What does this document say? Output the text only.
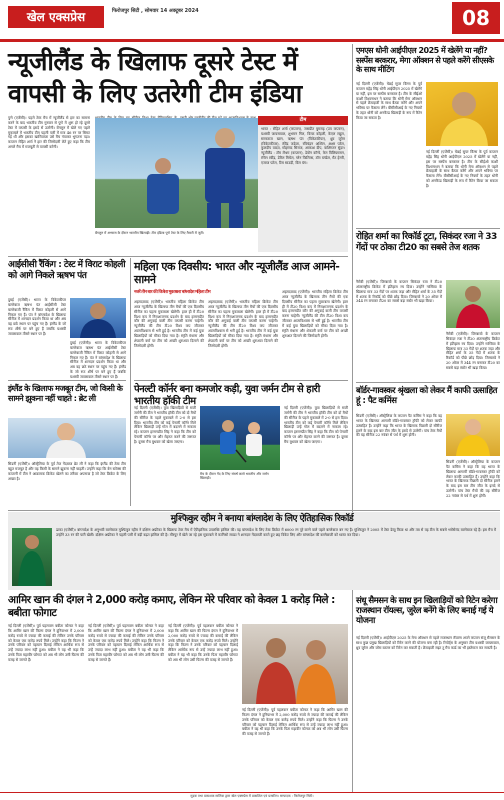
खेल एक्सप्रेस	फिरोजपुर सिटी , सोमवार 14 अक्टूबर 2024	08
न्यूजीलैंड के खिलाफ दूसरे टेस्ट में
वापसी के लिए उतरेगी टीम इंडिया
पुणे (एजेंसी)। पहले टेस्ट मैच में न्यूजीलैंड से हार का सामना करने के बाद भारतीय टीम गुरुवार से पुणे में शुरू हो रहे दूसरे टेस्ट में वापसी के इरादे से उतरेगी। बेंगलुरु में खेले गए पहले मुकाबले में भारतीय टीम पहली पारी में मात्र 46 रन पर सिमट गई थी और इसका खामियाजा उसे मैच गंवाकर भुगतना पड़ा। कप्तान रोहित शर्मा ने हार की जिम्मेदारी लेते हुए कहा कि टीम अगले मैच में मजबूती से वापसी करेगी।
बेंगलुरु में अभ्यास के दौरान भारतीय खिलाड़ी। टीम इंडिया पुणे टेस्ट के लिए तैयारी में जुटी।
टीम
भारत : रोहित शर्मा (कप्तान), जसप्रीत बुमराह (उप कप्तान), यशस्वी जायसवाल, शुभमन गिल, विराट कोहली, केएल राहुल, सरफराज खान, ऋषभ पंत (विकेटकीपर), ध्रुव जुरेल (विकेटकीपर), रविंद्र जडेजा, रविचंद्रन अश्विन, अक्षर पटेल, कुलदीप यादव, मोहम्मद सिराज, आकाश दीप, वाशिंगटन सुंदर। न्यूजीलैंड : टॉम लैथम (कप्तान), डेवोन कॉन्वे, केन विलियमसन, रचिन रवींद्र, डेरिल मिचेल, ग्लेन फिलिप्स, टॉम ब्लंडेल, मैट हेनरी, एजाज पटेल, टिम साउदी, विल यंग।
एमएस धोनी आईपीएल 2025 में खेलेंगे या नहीं? सस्पेंस बरकरार, मेगा ऑक्शन से पहले करेंगे सीएसके के साथ मीटिंग
नई दिल्ली (एजेंसी)। चेन्नई सुपर किंग्स के पूर्व कप्तान महेंद्र सिंह धोनी आईपीएल 2025 में खेलेंगे या नहीं, इस पर सस्पेंस बरकरार है। टीम के सीईओ काशी विश्वनाथन ने बताया कि धोनी मेगा ऑक्शन से पहले फ्रेंचाइजी के साथ बैठक करेंगे और अपने भविष्य पर फैसला लेंगे। बीसीसीआई के नए नियमों के तहत धोनी को अनकैप्ड खिलाड़ी के रूप में रिटेन किया जा सकता है।
नई दिल्ली (एजेंसी)। चेन्नई सुपर किंग्स के पूर्व कप्तान महेंद्र सिंह धोनी आईपीएल 2025 में खेलेंगे या नहीं, इस पर सस्पेंस बरकरार है। टीम के सीईओ काशी विश्वनाथन ने बताया कि धोनी मेगा ऑक्शन से पहले फ्रेंचाइजी के साथ बैठक करेंगे और अपने भविष्य पर फैसला लेंगे। बीसीसीआई के नए नियमों के तहत धोनी को अनकैप्ड खिलाड़ी के रूप में रिटेन किया जा सकता है।
रोहित शर्मा का रिकॉर्ड टूटा, सिकंदर रजा ने 33 गेंदों पर ठोका टी20 का सबसे तेज शतक
नैरोबी (एजेंसी)। जिम्बाब्वे के कप्तान सिकंदर रजा ने टी20 अंतरराष्ट्रीय क्रिकेट में इतिहास रच दिया। उन्होंने गाम्बिया के खिलाफ मात्र 33 गेंदों पर शतक जड़ा और रोहित शर्मा के 35 गेंदों में शतक के रिकॉर्ड को पीछे छोड़ दिया। जिम्बाब्वे ने 20 ओवर में 344 रन बनाकर टी20 का सबसे बड़ा स्कोर भी खड़ा किया।
नैरोबी (एजेंसी)। जिम्बाब्वे के कप्तान सिकंदर रजा ने टी20 अंतरराष्ट्रीय क्रिकेट में इतिहास रच दिया। उन्होंने गाम्बिया के खिलाफ मात्र 33 गेंदों पर शतक जड़ा और रोहित शर्मा के 35 गेंदों में शतक के रिकॉर्ड को पीछे छोड़ दिया। जिम्बाब्वे ने 20 ओवर में 344 रन बनाकर टी20 का सबसे बड़ा स्कोर भी खड़ा किया।
आईसीसी रैंकिंग : टेस्ट में विराट कोहली को आगे निकले ऋषभ पंत
दुबई (एजेंसी)। भारत के विकेटकीपर बल्लेबाज ऋषभ पंत आईसीसी टेस्ट बल्लेबाजी रैंकिंग में विराट कोहली से आगे निकल गए हैं। पंत ने बांग्लादेश के खिलाफ सीरीज में शानदार प्रदर्शन किया था और अब वह छठे स्थान पर पहुंच गए हैं। इंग्लैंड के जो रूट शीर्ष पर बने हुए हैं जबकि यशस्वी जायसवाल तीसरे स्थान पर हैं।
दुबई (एजेंसी)। भारत के विकेटकीपर बल्लेबाज ऋषभ पंत आईसीसी टेस्ट बल्लेबाजी रैंकिंग में विराट कोहली से आगे निकल गए हैं। पंत ने बांग्लादेश के खिलाफ सीरीज में शानदार प्रदर्शन किया था और अब वह छठे स्थान पर पहुंच गए हैं। इंग्लैंड के जो रूट शीर्ष पर बने हुए हैं जबकि यशस्वी जायसवाल तीसरे स्थान पर हैं।
इंग्लैंड के खिलाफ मजबूत टीम, जो किसी के सामने झुकना नहीं चाहते : ब्रेट ली
सिडनी (एजेंसी)। ऑस्ट्रेलिया के पूर्व तेज गेंदबाज ब्रेट ली ने कहा कि इंग्लैंड की टेस्ट टीम बहुत मजबूत है और वह किसी के सामने झुकना नहीं चाहती। उन्होंने कहा कि बेन स्टोक्स की कप्तानी में टीम ने आक्रामक क्रिकेट खेलने का तरीका अपनाया है जो टेस्ट क्रिकेट के लिए अच्छा है।
महिला एक दिवसीय: भारत और न्यूजीलैंड आज आमने-सामने
नजरें तीन बार की विजेता मुकाबला बांग्लादेश महिला टीम
अहमदाबाद (एजेंसी)। भारतीय महिला क्रिकेट टीम आज न्यूजीलैंड के खिलाफ तीन मैचों की एक दिवसीय सीरीज का पहला मुकाबला खेलेगी। हाल ही में टी20 विश्व कप में निराशाजनक प्रदर्शन के बाद हरमनप्रीत कौर की अगुवाई वाली टीम वापसी करना चाहेगी। न्यूजीलैंड की टीम टी20 विश्व कप जीतकर आत्मविश्वास से भरी हुई है। भारतीय टीम में कई युवा खिलाड़ियों को मौका दिया गया है। स्मृति मंधाना और शेफाली वर्मा पर टीम को अच्छी शुरुआत दिलाने की जिम्मेदारी होगी।
अहमदाबाद (एजेंसी)। भारतीय महिला क्रिकेट टीम आज न्यूजीलैंड के खिलाफ तीन मैचों की एक दिवसीय सीरीज का पहला मुकाबला खेलेगी। हाल ही में टी20 विश्व कप में निराशाजनक प्रदर्शन के बाद हरमनप्रीत कौर की अगुवाई वाली टीम वापसी करना चाहेगी। न्यूजीलैंड की टीम टी20 विश्व कप जीतकर आत्मविश्वास से भरी हुई है। भारतीय टीम में कई युवा खिलाड़ियों को मौका दिया गया है। स्मृति मंधाना और शेफाली वर्मा पर टीम को अच्छी शुरुआत दिलाने की जिम्मेदारी होगी।
अहमदाबाद (एजेंसी)। भारतीय महिला क्रिकेट टीम आज न्यूजीलैंड के खिलाफ तीन मैचों की एक दिवसीय सीरीज का पहला मुकाबला खेलेगी। हाल ही में टी20 विश्व कप में निराशाजनक प्रदर्शन के बाद हरमनप्रीत कौर की अगुवाई वाली टीम वापसी करना चाहेगी। न्यूजीलैंड की टीम टी20 विश्व कप जीतकर आत्मविश्वास से भरी हुई है। भारतीय टीम में कई युवा खिलाड़ियों को मौका दिया गया है। स्मृति मंधाना और शेफाली वर्मा पर टीम को अच्छी शुरुआत दिलाने की जिम्मेदारी होगी।
पेनल्टी कॉर्नर बना कमजोर कड़ी, युवा जर्मन टीम से हारी भारतीय हॉकी टीम
नई दिल्ली (एजेंसी)। युवा खिलाड़ियों से सजी जर्मनी की टीम ने भारतीय हॉकी टीम को दो मैचों की सीरीज के पहले मुकाबले में 2-0 से हरा दिया। भारतीय टीम को कई पेनल्टी कॉर्नर मिले लेकिन खिलाड़ी उन्हें गोल में बदलने में नाकाम रहे। कप्तान हरमनप्रीत सिंह ने कहा कि टीम को पेनल्टी कॉर्नर पर और मेहनत करने की जरूरत है। दूसरा मैच बुधवार को खेला जाएगा।
मैच के दौरान गेंद के लिए संघर्ष करते भारतीय और जर्मन खिलाड़ी।
नई दिल्ली (एजेंसी)। युवा खिलाड़ियों से सजी जर्मनी की टीम ने भारतीय हॉकी टीम को दो मैचों की सीरीज के पहले मुकाबले में 2-0 से हरा दिया। भारतीय टीम को कई पेनल्टी कॉर्नर मिले लेकिन खिलाड़ी उन्हें गोल में बदलने में नाकाम रहे। कप्तान हरमनप्रीत सिंह ने कहा कि टीम को पेनल्टी कॉर्नर पर और मेहनत करने की जरूरत है। दूसरा मैच बुधवार को खेला जाएगा।
बॉर्डर-गावस्कर श्रृंखला को लेकर मैं काफी उत्साहित हूं : पैट कमिंस
सिडनी (एजेंसी)। ऑस्ट्रेलिया के कप्तान पैट कमिंस ने कहा कि वह भारत के खिलाफ आगामी बॉर्डर-गावस्कर ट्रॉफी को लेकर काफी उत्साहित हैं। उन्होंने कहा कि भारत के खिलाफ पिछली दो सीरीज हारने के बाद इस बार टीम जीत के इरादे से उतरेगी। पांच टेस्ट मैचों की यह सीरीज 22 नवंबर से पर्थ में शुरू होगी।
सिडनी (एजेंसी)। ऑस्ट्रेलिया के कप्तान पैट कमिंस ने कहा कि वह भारत के खिलाफ आगामी बॉर्डर-गावस्कर ट्रॉफी को लेकर काफी उत्साहित हैं। उन्होंने कहा कि भारत के खिलाफ पिछली दो सीरीज हारने के बाद इस बार टीम जीत के इरादे से उतरेगी। पांच टेस्ट मैचों की यह सीरीज 22 नवंबर से पर्थ में शुरू होगी।
मुश्फिकुर रहीम ने बनाया बांग्लादेश के लिए ऐतिहासिक रिकॉर्ड
ढाका (एजेंसी)। बांग्लादेश के अनुभवी बल्लेबाज मुश्फिकुर रहीम ने दक्षिण अफ्रीका के खिलाफ टेस्ट मैच में ऐतिहासिक उपलब्धि हासिल की। वह बांग्लादेश के लिए टेस्ट क्रिकेट में 6000 रन पूरे करने वाले पहले बल्लेबाज बन गए हैं। मुश्फिकुर ने 2005 में टेस्ट डेब्यू किया था और तब से वह टीम के सबसे भरोसेमंद बल्लेबाज रहे हैं। इस मैच में उन्होंने 33 रन की पारी खेली। दक्षिण अफ्रीका ने पहली पारी में बड़ी बढ़त हासिल की है। मीरपुर में खेले जा रहे इस मुकाबले में कागिसो रबाडा ने शानदार गेंदबाजी करते हुए छह विकेट लिए और बांग्लादेश की बल्लेबाजी को ध्वस्त कर दिया।
आमिर खान की दंगल ने 2,000 करोड़ कमाए, लेकिन मेरे परिवार को केवल 1 करोड़ मिले : बबीता फोगाट
नई दिल्ली (एजेंसी)। पूर्व पहलवान बबीता फोगाट ने कहा कि आमिर खान की फिल्म दंगल ने दुनियाभर में 2,000 करोड़ रुपये से ज्यादा की कमाई की लेकिन उनके परिवार को केवल एक करोड़ रुपये मिले। उन्होंने कहा कि फिल्म ने उनके परिवार को पहचान दिलाई लेकिन आर्थिक रूप से उन्हें ज्यादा लाभ नहीं हुआ। बबीता ने यह भी कहा कि उनके पिता महावीर फोगाट को अब भी लोग उसी फिल्म की वजह से जानते हैं।
नई दिल्ली (एजेंसी)। पूर्व पहलवान बबीता फोगाट ने कहा कि आमिर खान की फिल्म दंगल ने दुनियाभर में 2,000 करोड़ रुपये से ज्यादा की कमाई की लेकिन उनके परिवार को केवल एक करोड़ रुपये मिले। उन्होंने कहा कि फिल्म ने उनके परिवार को पहचान दिलाई लेकिन आर्थिक रूप से उन्हें ज्यादा लाभ नहीं हुआ। बबीता ने यह भी कहा कि उनके पिता महावीर फोगाट को अब भी लोग उसी फिल्म की वजह से जानते हैं।
नई दिल्ली (एजेंसी)। पूर्व पहलवान बबीता फोगाट ने कहा कि आमिर खान की फिल्म दंगल ने दुनियाभर में 2,000 करोड़ रुपये से ज्यादा की कमाई की लेकिन उनके परिवार को केवल एक करोड़ रुपये मिले। उन्होंने कहा कि फिल्म ने उनके परिवार को पहचान दिलाई लेकिन आर्थिक रूप से उन्हें ज्यादा लाभ नहीं हुआ। बबीता ने यह भी कहा कि उनके पिता महावीर फोगाट को अब भी लोग उसी फिल्म की वजह से जानते हैं।
नई दिल्ली (एजेंसी)। पूर्व पहलवान बबीता फोगाट ने कहा कि आमिर खान की फिल्म दंगल ने दुनियाभर में 2,000 करोड़ रुपये से ज्यादा की कमाई की लेकिन उनके परिवार को केवल एक करोड़ रुपये मिले। उन्होंने कहा कि फिल्म ने उनके परिवार को पहचान दिलाई लेकिन आर्थिक रूप से उन्हें ज्यादा लाभ नहीं हुआ। बबीता ने यह भी कहा कि उनके पिता महावीर फोगाट को अब भी लोग उसी फिल्म की वजह से जानते हैं।
संधू सैमसन के साथ इन खिलाड़ियों को रिटेन करेगा राजस्थान रॉयल्स, जुरेल बनेंगे के लिए बनाई गई ये योजना
नई दिल्ली (एजेंसी)। आईपीएल 2025 के मेगा ऑक्शन से पहले राजस्थान रॉयल्स अपने कप्तान संजू सैमसन के साथ कुछ प्रमुख खिलाड़ियों को रिटेन करने की योजना बना रही है। रिपोर्ट्स के अनुसार टीम यशस्वी जायसवाल, ध्रुव जुरेल और जोस बटलर को रिटेन कर सकती है। फ्रेंचाइजी राइट टू मैच कार्ड का भी इस्तेमाल कर सकती है।
मुद्रक तथा प्रकाशक मालिक द्वारा खेल एक्सप्रेस में प्रकाशित एवं प्रसारित। सम्पादक : फिरोजपुर सिटी।
